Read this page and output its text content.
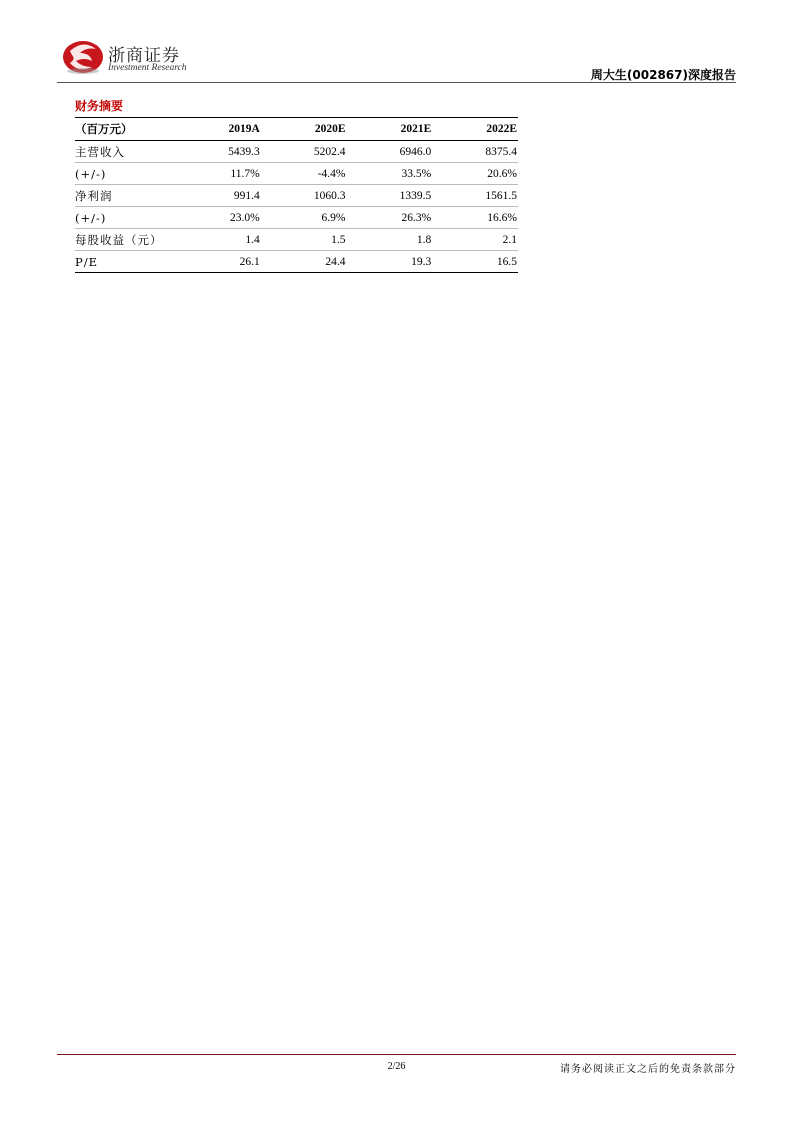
浙商证券
Investment Research	周大生(002867)深度报告
财务摘要
（百万元）	2019A	2020E	2021E	2022E
主营收入	5439.3	5202.4	6946.0	8375.4
(+/-)	11.7%	-4.4%	33.5%	20.6%
净利润	991.4	1060.3	1339.5	1561.5
(+/-)	23.0%	6.9%	26.3%	16.6%
每股收益（元）	1.4	1.5	1.8	2.1
P/E	26.1	24.4	19.3	16.5
2/26	请务必阅读正文之后的免责条款部分
